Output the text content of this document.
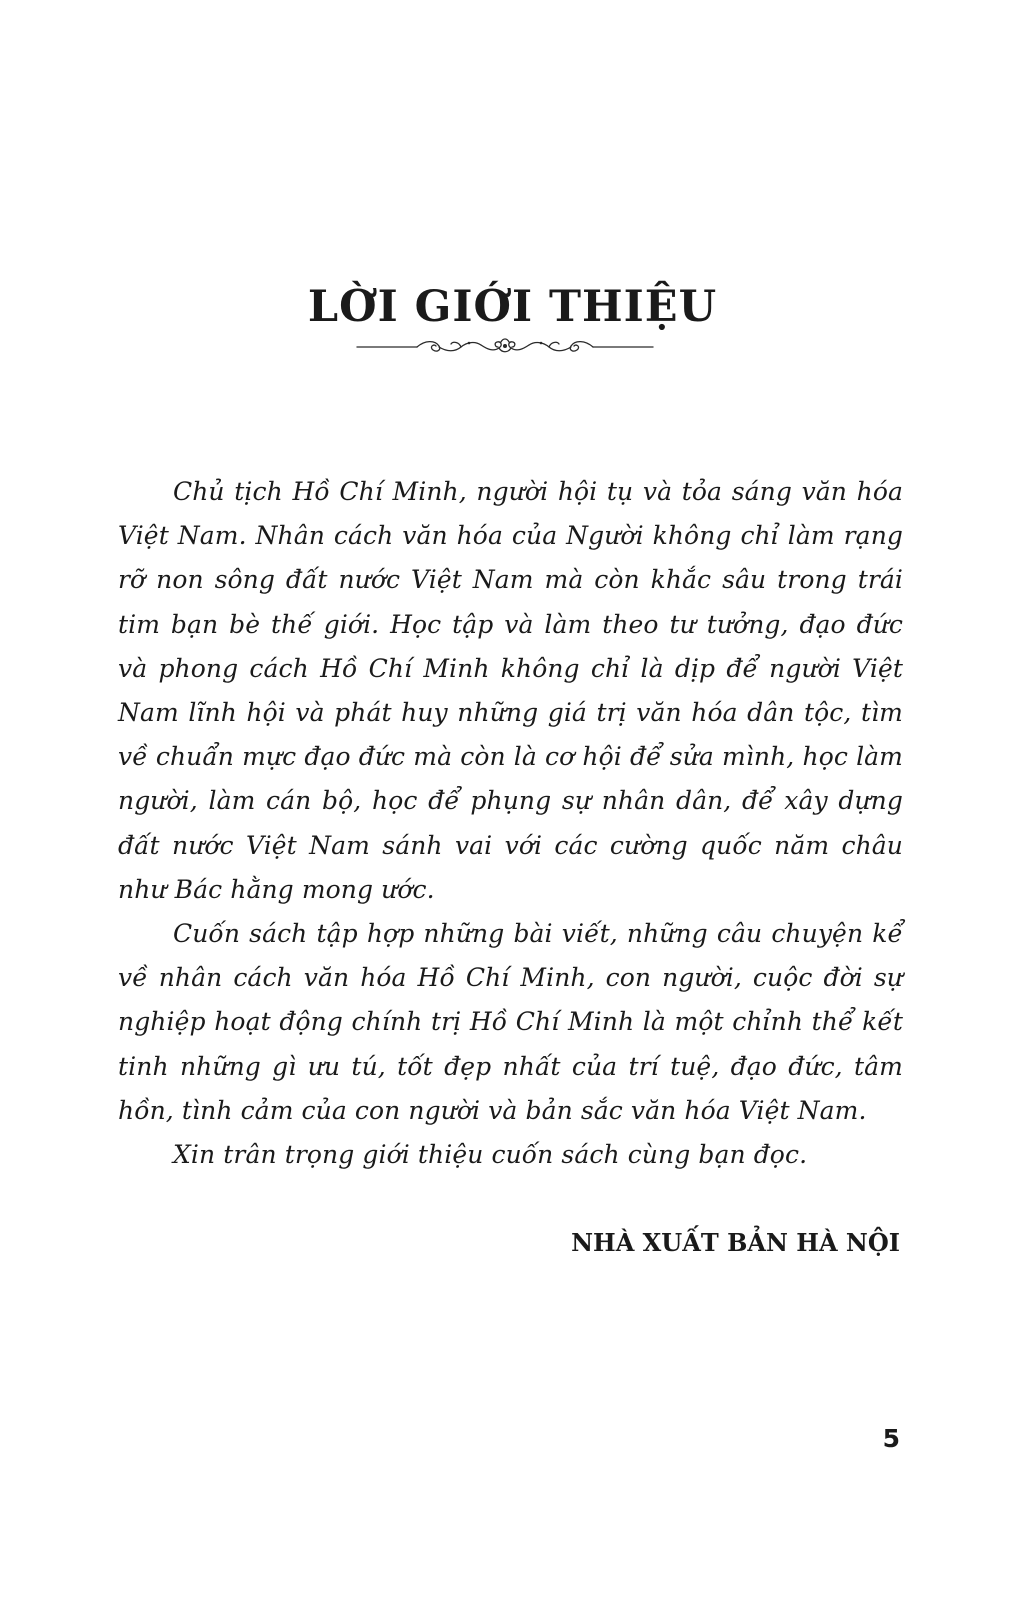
LỜI GIỚI THIỆU

Chủ tịch Hồ Chí Minh, người hội tụ và tỏa sáng văn hóa Việt Nam. Nhân cách văn hóa của Người không chỉ làm rạng rỡ non sông đất nước Việt Nam mà còn khắc sâu trong trái tim bạn bè thế giới. Học tập và làm theo tư tưởng, đạo đức và phong cách Hồ Chí Minh không chỉ là dịp để người Việt Nam lĩnh hội và phát huy những giá trị văn hóa dân tộc, tìm về chuẩn mực đạo đức mà còn là cơ hội để sửa mình, học làm người, làm cán bộ, học để phụng sự nhân dân, để xây dựng đất nước Việt Nam sánh vai với các cường quốc năm châu như Bác hằng mong ước.

Cuốn sách tập hợp những bài viết, những câu chuyện kể về nhân cách văn hóa Hồ Chí Minh, con người, cuộc đời sự nghiệp hoạt động chính trị Hồ Chí Minh là một chỉnh thể kết tinh những gì ưu tú, tốt đẹp nhất của trí tuệ, đạo đức, tâm hồn, tình cảm của con người và bản sắc văn hóa Việt Nam.

Xin trân trọng giới thiệu cuốn sách cùng bạn đọc.

NHÀ XUẤT BẢN HÀ NỘI

5
